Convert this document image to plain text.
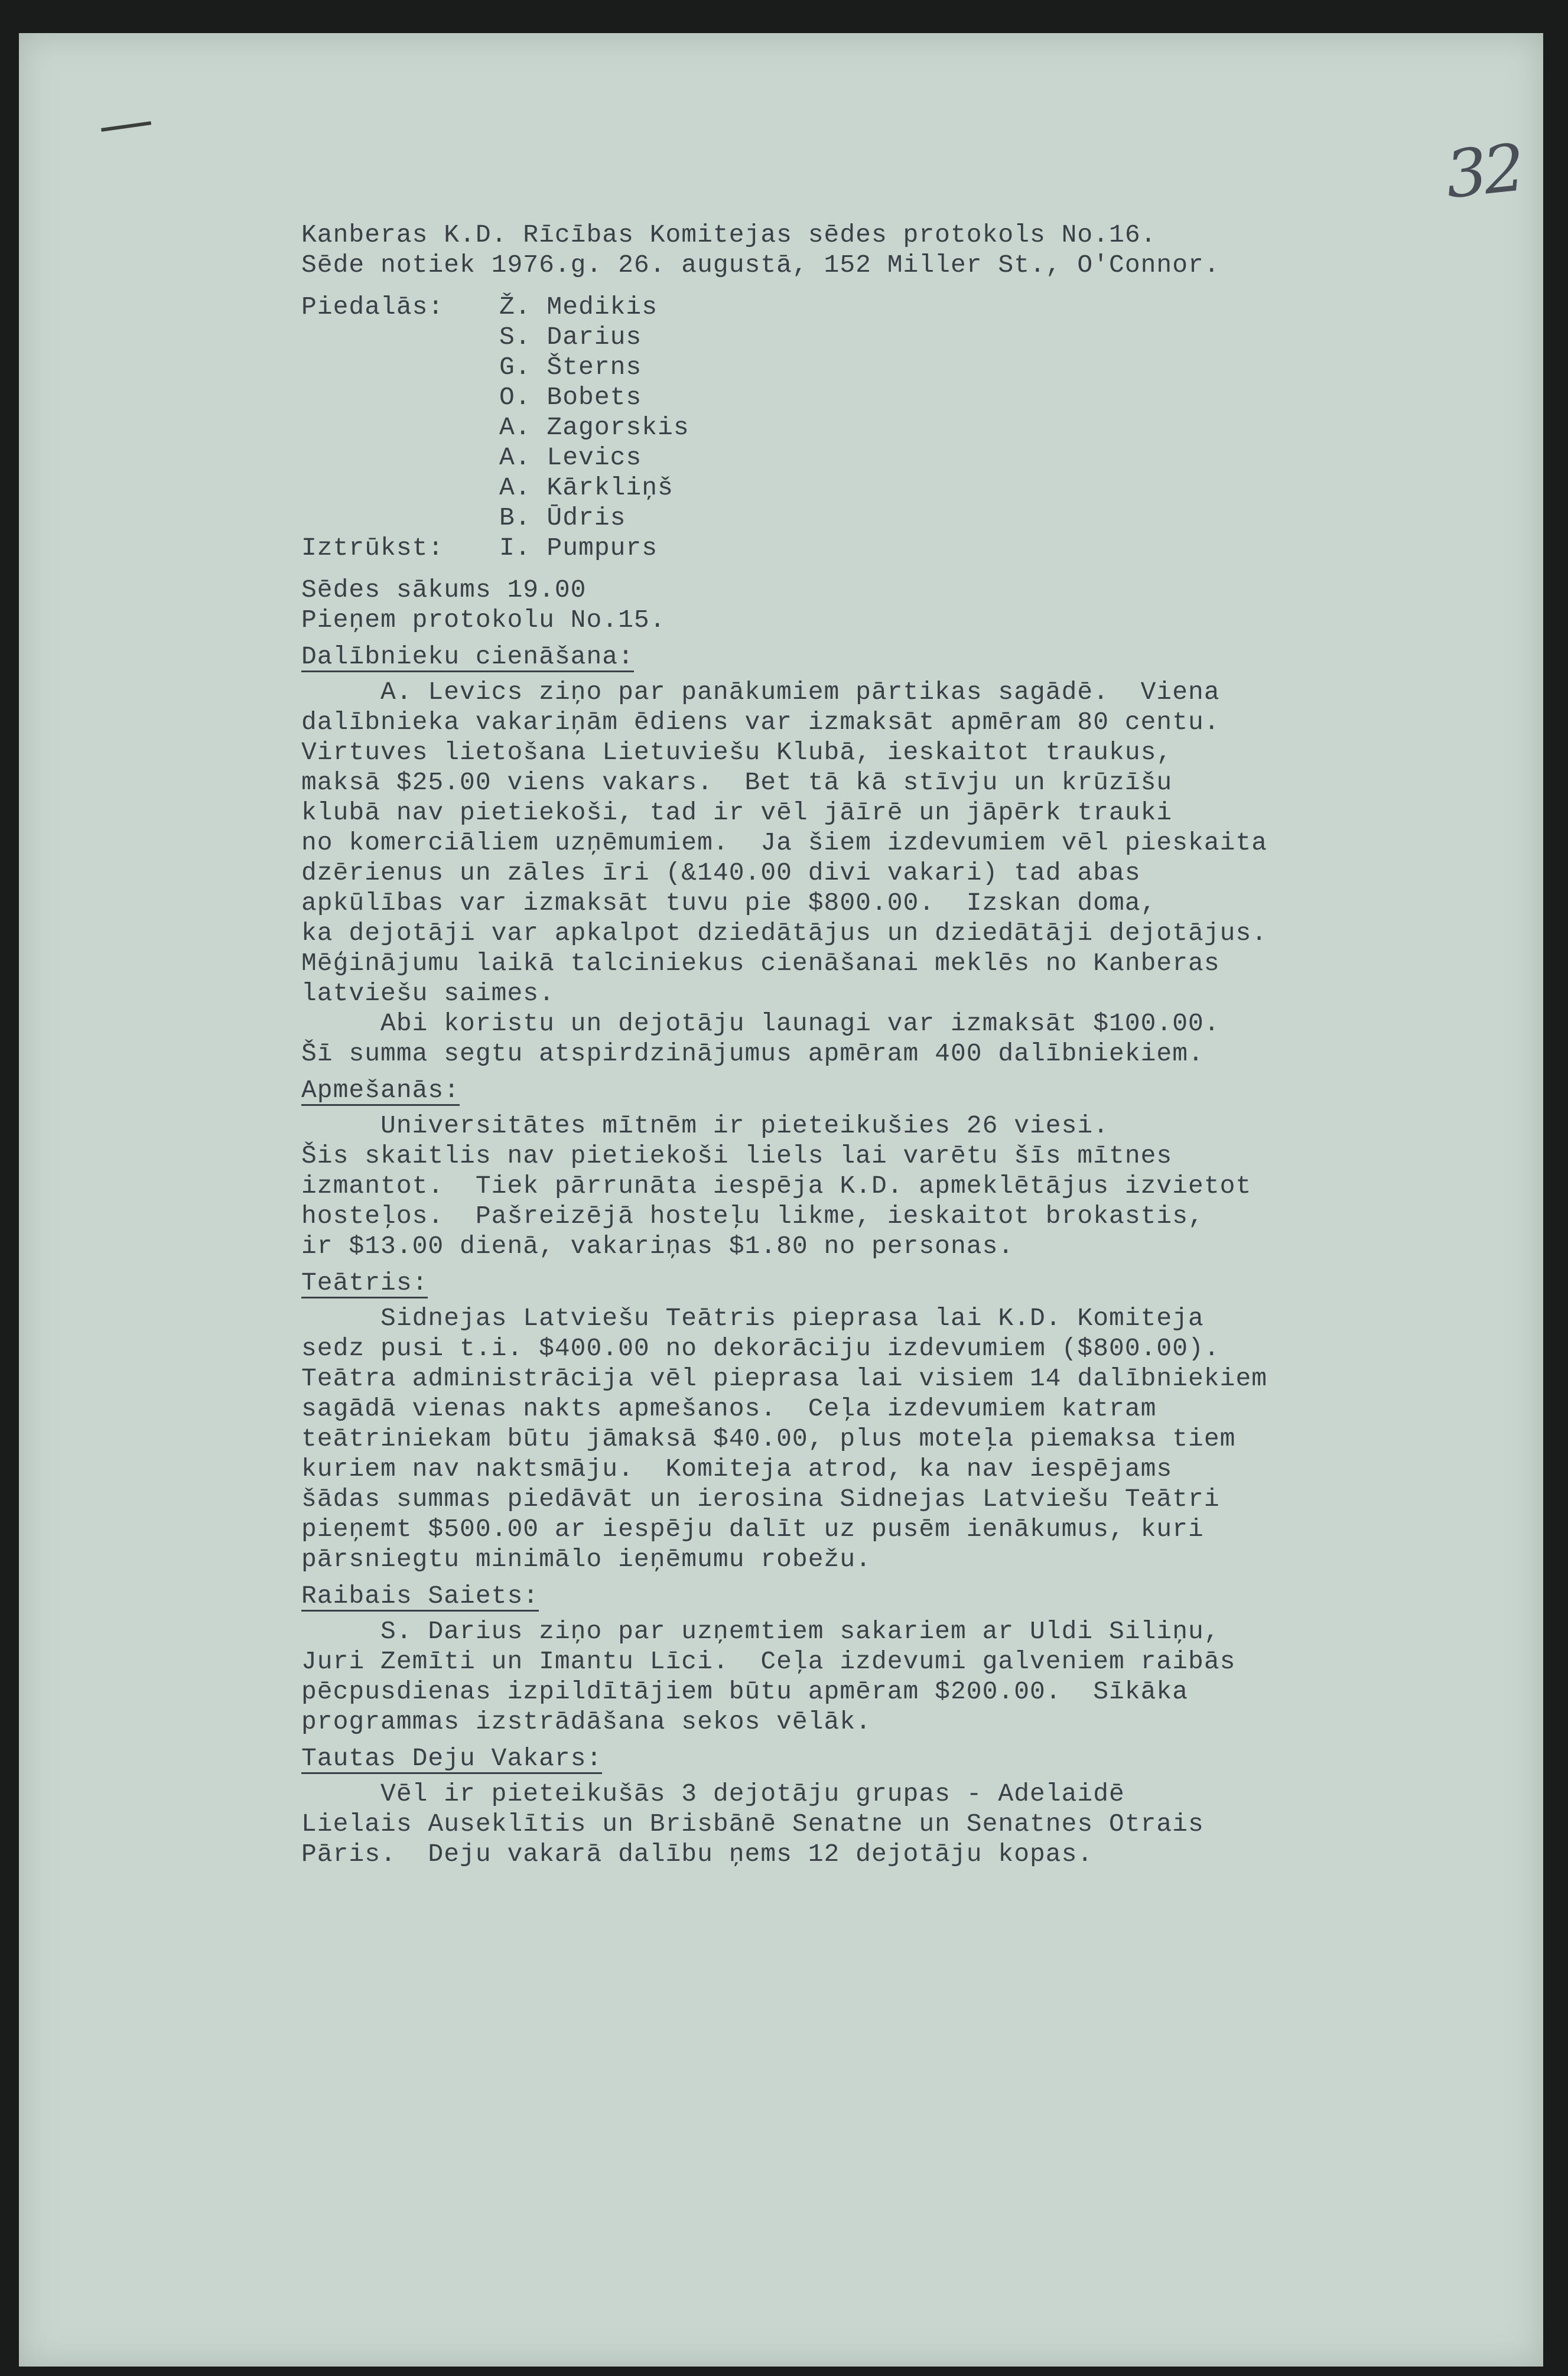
32
Kanberas K.D. Rīcības Komitejas sēdes protokols No.16.
Sēde notiek 1976.g. 26. augustā, 152 Miller St., O'Connor.
Piedalās:	Ž. Medikis
S. Darius
G. Šterns
O. Bobets
A. Zagorskis
A. Levics
A. Kārkliņš
B. Ūdris
Iztrūkst:	I. Pumpurs
Sēdes sākums 19.00
Pieņem protokolu No.15.
Dalībnieku cienāšana:
A. Levics ziņo par panākumiem pārtikas sagādē.  Viena
dalībnieka vakariņām ēdiens var izmaksāt apmēram 80 centu.
Virtuves lietošana Lietuviešu Klubā, ieskaitot traukus,
maksā $25.00 viens vakars.  Bet tā kā stīvju un krūzīšu
klubā nav pietiekoši, tad ir vēl jāīrē un jāpērk trauki
no komerciāliem uzņēmumiem.  Ja šiem izdevumiem vēl pieskaita
dzērienus un zāles īri (&140.00 divi vakari) tad abas
apkūlības var izmaksāt tuvu pie $800.00.  Izskan doma,
ka dejotāji var apkalpot dziedātājus un dziedātāji dejotājus.
Mēģinājumu laikā talciniekus cienāšanai meklēs no Kanberas
latviešu saimes.
Abi koristu un dejotāju launagi var izmaksāt $100.00.
Šī summa segtu atspirdzinājumus apmēram 400 dalībniekiem.
Apmešanās:
Universitātes mītnēm ir pieteikušies 26 viesi.
Šis skaitlis nav pietiekoši liels lai varētu šīs mītnes
izmantot.  Tiek pārrunāta iespēja K.D. apmeklētājus izvietot
hosteļos.  Pašreizējā hosteļu likme, ieskaitot brokastis,
ir $13.00 dienā, vakariņas $1.80 no personas.
Teātris:
Sidnejas Latviešu Teātris pieprasa lai K.D. Komiteja
sedz pusi t.i. $400.00 no dekorāciju izdevumiem ($800.00).
Teātra administrācija vēl pieprasa lai visiem 14 dalībniekiem
sagādā vienas nakts apmešanos.  Ceļa izdevumiem katram
teātriniekam būtu jāmaksā $40.00, plus moteļa piemaksa tiem
kuriem nav naktsmāju.  Komiteja atrod, ka nav iespējams
šādas summas piedāvāt un ierosina Sidnejas Latviešu Teātri
pieņemt $500.00 ar iespēju dalīt uz pusēm ienākumus, kuri
pārsniegtu minimālo ieņēmumu robežu.
Raibais Saiets:
S. Darius ziņo par uzņemtiem sakariem ar Uldi Siliņu,
Juri Zemīti un Imantu Līci.  Ceļa izdevumi galveniem raibās
pēcpusdienas izpildītājiem būtu apmēram $200.00.  Sīkāka
programmas izstrādāšana sekos vēlāk.
Tautas Deju Vakars:
Vēl ir pieteikušās 3 dejotāju grupas - Adelaidē
Lielais Auseklītis un Brisbānē Senatne un Senatnes Otrais
Pāris.  Deju vakarā dalību ņems 12 dejotāju kopas.
